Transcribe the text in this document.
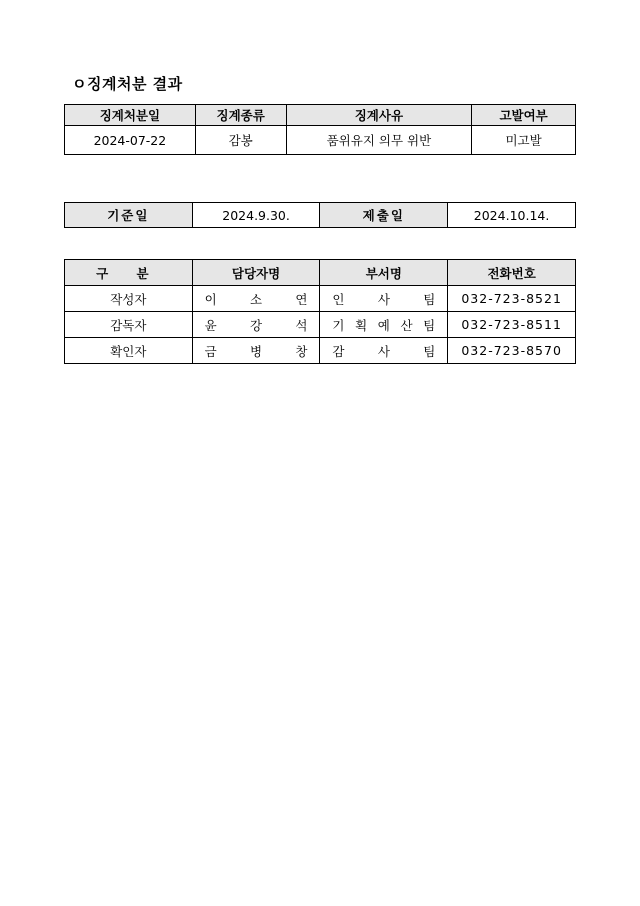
ㅇ징계처분 결과
징계처분일	징계종류	징계사유	고발여부
2024-07-22	감봉	품위유지 의무 위반	미고발
기준일	2024.9.30.	제출일	2024.10.14.
구 분	담당자명	부서명	전화번호
작성자	이 소 연	인 사 팀	032-723-8521
감독자	윤 강 석	기 획 예 산 팀	032-723-8511
확인자	금 병 창	감 사 팀	032-723-8570
